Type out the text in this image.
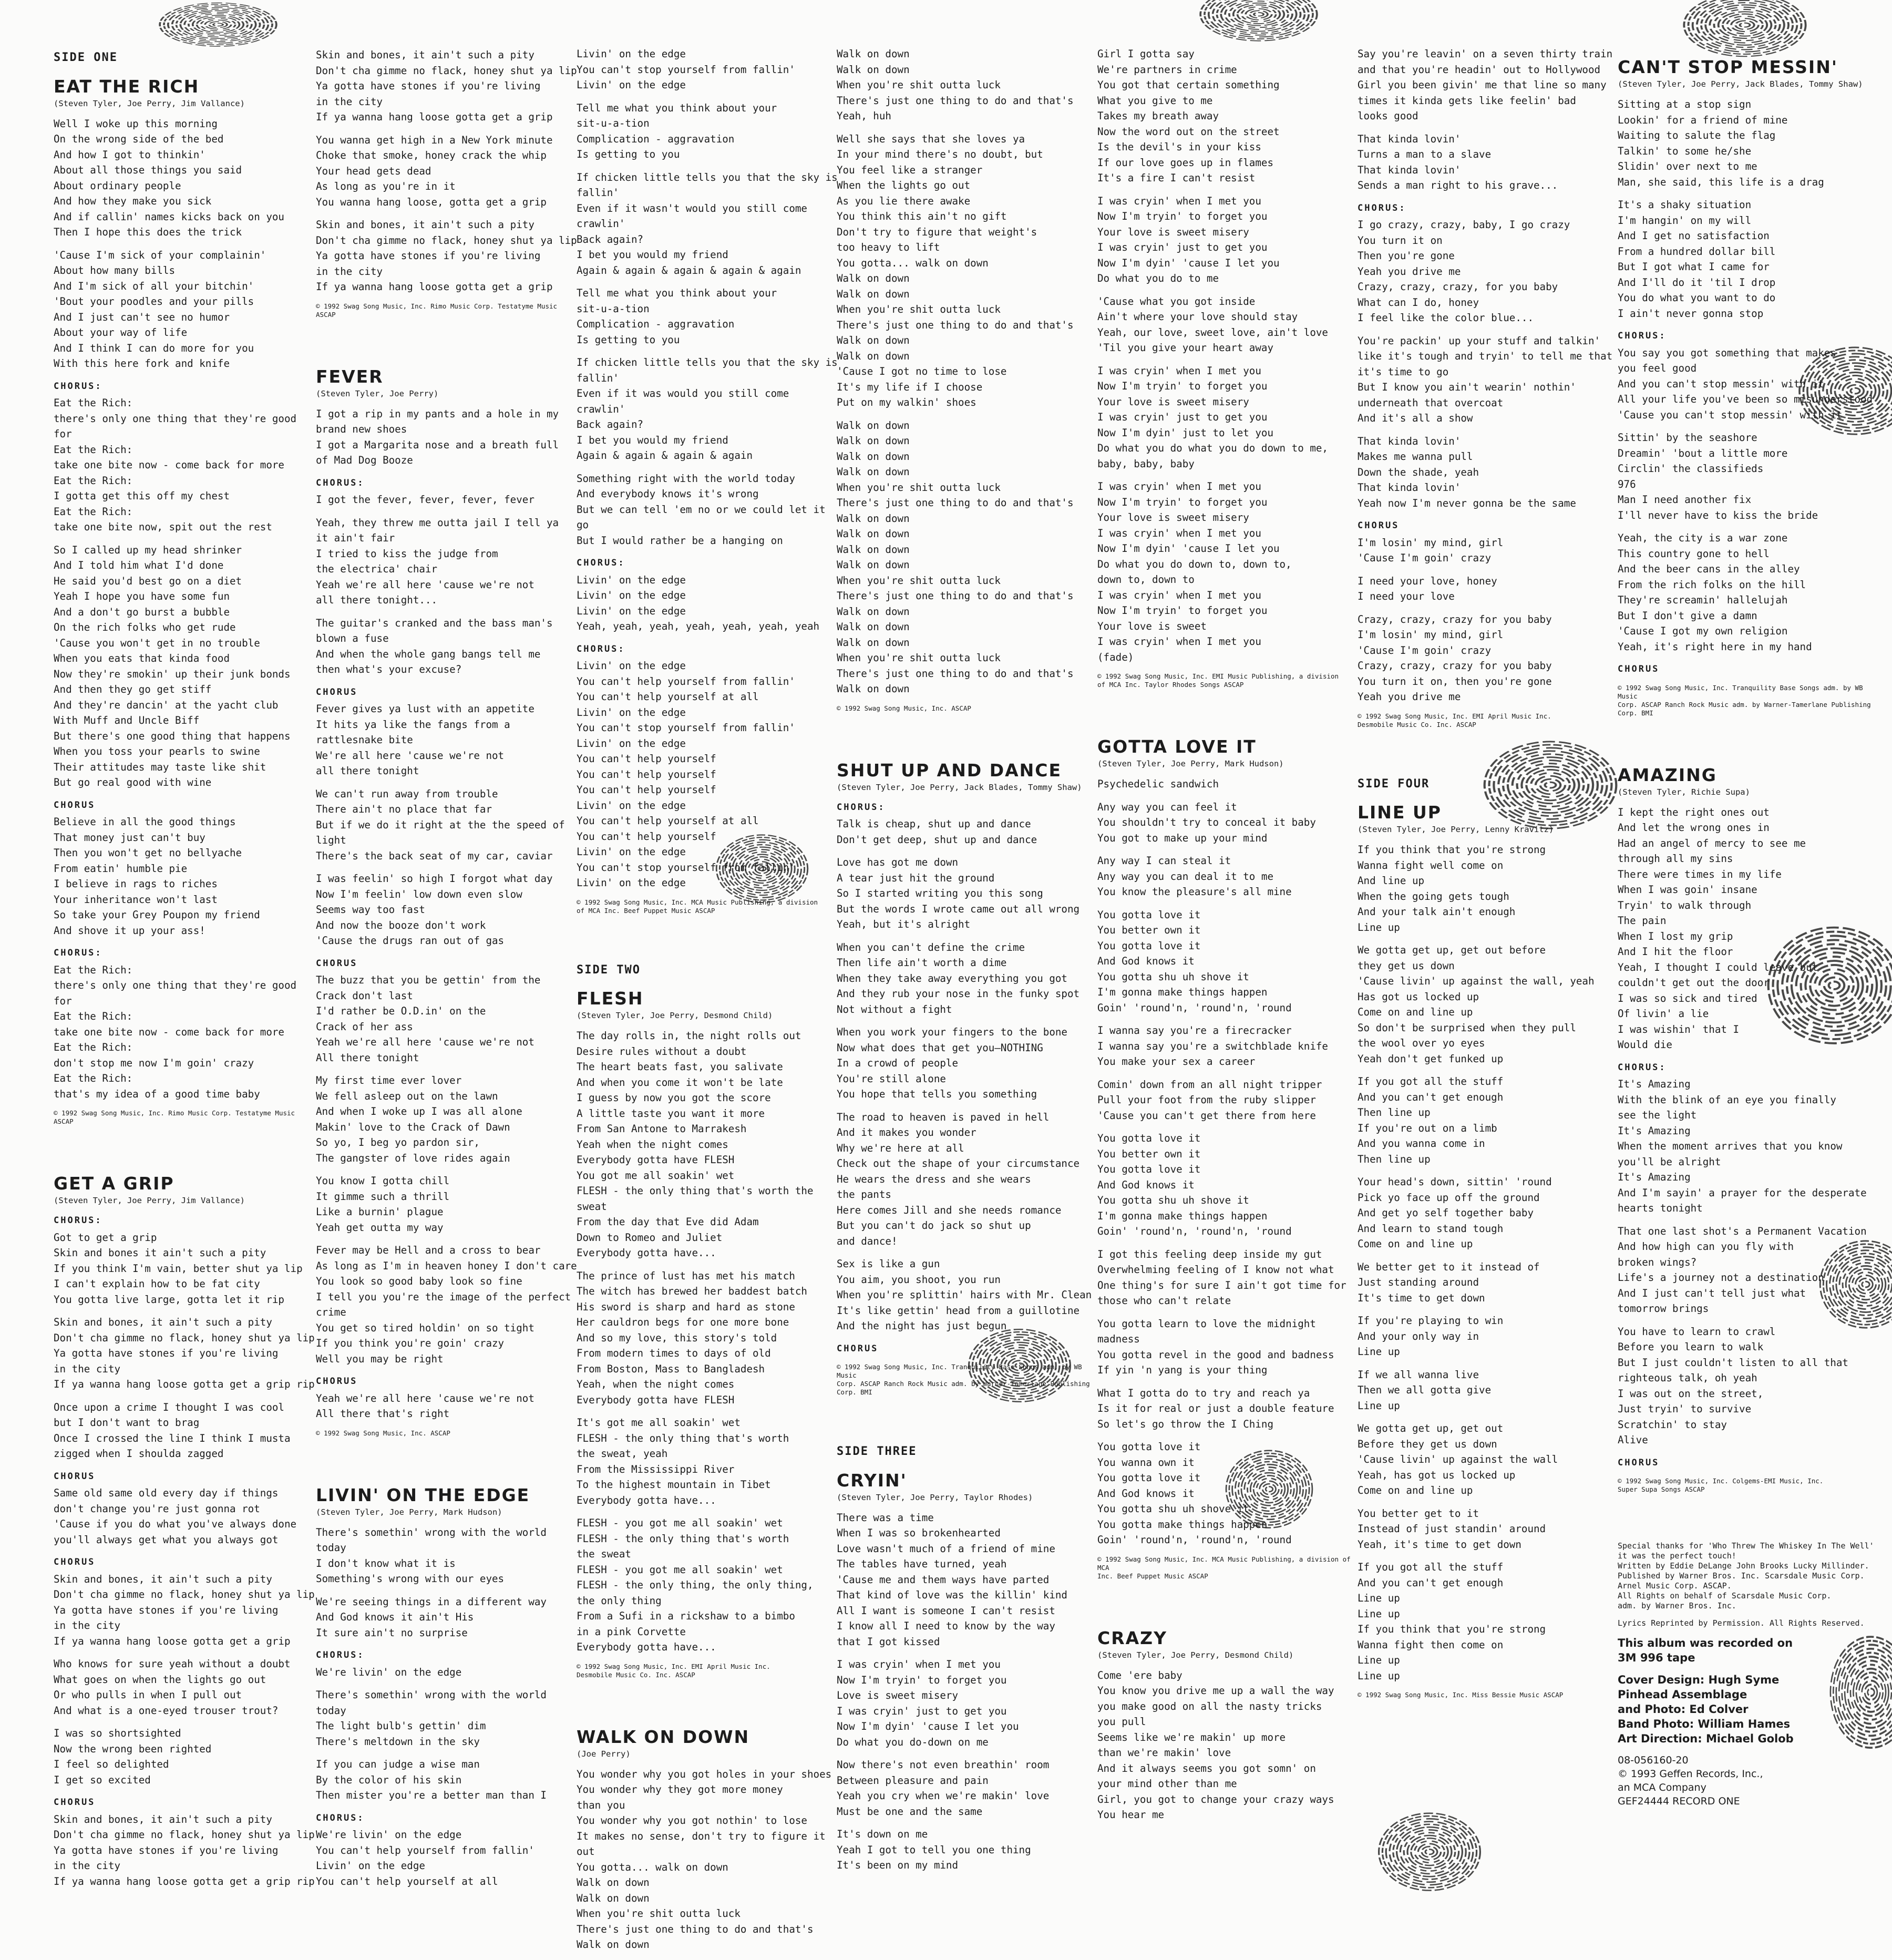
SIDE ONE
EAT THE RICH
(Steven Tyler, Joe Perry, Jim Vallance)

Well I woke up this morning
On the wrong side of the bed
And how I got to thinkin'
About all those things you said
About ordinary people
And how they make you sick
And if callin' names kicks back on you
Then I hope this does the trick

'Cause I'm sick of your complainin'
About how many bills
And I'm sick of all your bitchin'
'Bout your poodles and your pills
And I just can't see no humor
About your way of life
And I think I can do more for you
With this here fork and knife

CHORUS:

Eat the Rich:
there's only one thing that they're good for
Eat the Rich:
take one bite now - come back for more
Eat the Rich:
I gotta get this off my chest
Eat the Rich:
take one bite now, spit out the rest

So I called up my head shrinker
And I told him what I'd done
He said you'd best go on a diet
Yeah I hope you have some fun
And a don't go burst a bubble
On the rich folks who get rude
'Cause you won't get in no trouble
When you eats that kinda food
Now they're smokin' up their junk bonds
And then they go get stiff
And they're dancin' at the yacht club
With Muff and Uncle Biff
But there's one good thing that happens
When you toss your pearls to swine
Their attitudes may taste like shit
But go real good with wine

CHORUS

Believe in all the good things
That money just can't buy
Then you won't get no bellyache
From eatin' humble pie
I believe in rags to riches
Your inheritance won't last
So take your Grey Poupon my friend
And shove it up your ass!

CHORUS:

Eat the Rich:
there's only one thing that they're good for
Eat the Rich:
take one bite now - come back for more
Eat the Rich:
don't stop me now I'm goin' crazy
Eat the Rich:
that's my idea of a good time baby

© 1992 Swag Song Music, Inc. Rimo Music Corp. Testatyme Music ASCAP
GET A GRIP
(Steven Tyler, Joe Perry, Jim Vallance)
CHORUS:

Got to get a grip
Skin and bones it ain't such a pity
If you think I'm vain, better shut ya lip
I can't explain how to be fat city
You gotta live large, gotta let it rip

Skin and bones, it ain't such a pity
Don't cha gimme no flack, honey shut ya lip
Ya gotta have stones if you're living
in the city
If ya wanna hang loose gotta get a grip rip

Once upon a crime I thought I was cool
but I don't want to brag
Once I crossed the line I think I musta
zigged when I shoulda zagged

CHORUS

Same old same old every day if things
don't change you're just gonna rot
'Cause if you do what you've always done
you'll always get what you always got

CHORUS

Skin and bones, it ain't such a pity
Don't cha gimme no flack, honey shut ya lip
Ya gotta have stones if you're living
in the city
If ya wanna hang loose gotta get a grip

Who knows for sure yeah without a doubt
What goes on when the lights go out
Or who pulls in when I pull out
And what is a one-eyed trouser trout?

I was so shortsighted
Now the wrong been righted
I feel so delighted
I get so excited

CHORUS

Skin and bones, it ain't such a pity
Don't cha gimme no flack, honey shut ya lip
Ya gotta have stones if you're living
in the city
If ya wanna hang loose gotta get a grip rip

Skin and bones, it ain't such a pity
Don't cha gimme no flack, honey shut ya lip
Ya gotta have stones if you're living
in the city
If ya wanna hang loose gotta get a grip

You wanna get high in a New York minute
Choke that smoke, honey crack the whip
Your head gets dead
As long as you're in it
You wanna hang loose, gotta get a grip

Skin and bones, it ain't such a pity
Don't cha gimme no flack, honey shut ya lip
Ya gotta have stones if you're living
in the city
If ya wanna hang loose gotta get a grip

© 1992 Swag Song Music, Inc. Rimo Music Corp. Testatyme Music ASCAP
FEVER
(Steven Tyler, Joe Perry)

I got a rip in my pants and a hole in my
brand new shoes
I got a Margarita nose and a breath full
of Mad Dog Booze

CHORUS:

I got the fever, fever, fever, fever

Yeah, they threw me outta jail I tell ya
it ain't fair
I tried to kiss the judge from
the electrica' chair
Yeah we're all here 'cause we're not
all there tonight...

The guitar's cranked and the bass man's
blown a fuse
And when the whole gang bangs tell me
then what's your excuse?

CHORUS

Fever gives ya lust with an appetite
It hits ya like the fangs from a
rattlesnake bite
We're all here 'cause we're not
all there tonight

We can't run away from trouble
There ain't no place that far
But if we do it right at the the speed of light
There's the back seat of my car, caviar

I was feelin' so high I forgot what day
Now I'm feelin' low down even slow
Seems way too fast
And now the booze don't work
'Cause the drugs ran out of gas

CHORUS

The buzz that you be gettin' from the
Crack don't last
I'd rather be O.D.in' on the
Crack of her ass
Yeah we're all here 'cause we're not
All there tonight

My first time ever lover
We fell asleep out on the lawn
And when I woke up I was all alone
Makin' love to the Crack of Dawn
So yo, I beg yo pardon sir,
The gangster of love rides again

You know I gotta chill
It gimme such a thrill
Like a burnin' plague
Yeah get outta my way

Fever may be Hell and a cross to bear
As long as I'm in heaven honey I don't care
You look so good baby look so fine
I tell you you're the image of the perfect crime
You get so tired holdin' on so tight
If you think you're goin' crazy
Well you may be right

CHORUS

Yeah we're all here 'cause we're not
All there that's right

© 1992 Swag Song Music, Inc. ASCAP
LIVIN' ON THE EDGE
(Steven Tyler, Joe Perry, Mark Hudson)

There's somethin' wrong with the world today
I don't know what it is
Something's wrong with our eyes

We're seeing things in a different way
And God knows it ain't His
It sure ain't no surprise

CHORUS:

We're livin' on the edge

There's somethin' wrong with the world today
The light bulb's gettin' dim
There's meltdown in the sky

If you can judge a wise man
By the color of his skin
Then mister you're a better man than I

CHORUS:

We're livin' on the edge
You can't help yourself from fallin'
Livin' on the edge
You can't help yourself at all

Livin' on the edge
You can't stop yourself from fallin'
Livin' on the edge

Tell me what you think about your
sit-u-a-tion
Complication - aggravation
Is getting to you

If chicken little tells you that the sky is fallin'
Even if it wasn't would you still come crawlin'
Back again?
I bet you would my friend
Again & again & again & again & again

Tell me what you think about your
sit-u-a-tion
Complication - aggravation
Is getting to you

If chicken little tells you that the sky is fallin'
Even if it was would you still come crawlin'
Back again?
I bet you would my friend
Again & again & again & again

Something right with the world today
And everybody knows it's wrong
But we can tell 'em no or we could let it go
But I would rather be a hanging on

CHORUS:

Livin' on the edge
Livin' on the edge
Livin' on the edge
Yeah, yeah, yeah, yeah, yeah, yeah, yeah

CHORUS:

Livin' on the edge
You can't help yourself from fallin'
You can't help yourself at all
Livin' on the edge
You can't stop yourself from fallin'
Livin' on the edge
You can't help yourself
You can't help yourself
You can't help yourself
Livin' on the edge
You can't help yourself at all
You can't help yourself
Livin' on the edge
You can't stop yourself from fallin'
Livin' on the edge

© 1992 Swag Song Music, Inc. MCA Music Publishing, a division
of MCA Inc. Beef Puppet Music ASCAP
SIDE TWO
FLESH
(Steven Tyler, Joe Perry, Desmond Child)

The day rolls in, the night rolls out
Desire rules without a doubt
The heart beats fast, you salivate
And when you come it won't be late
I guess by now you got the score
A little taste you want it more
From San Antone to Marrakesh
Yeah when the night comes
Everybody gotta have FLESH
You got me all soakin' wet
FLESH - the only thing that's worth the sweat
From the day that Eve did Adam
Down to Romeo and Juliet
Everybody gotta have...

The prince of lust has met his match
The witch has brewed her baddest batch
His sword is sharp and hard as stone
Her cauldron begs for one more bone
And so my love, this story's told
From modern times to days of old
From Boston, Mass to Bangladesh
Yeah, when the night comes
Everybody gotta have FLESH

It's got me all soakin' wet
FLESH - the only thing that's worth
the sweat, yeah
From the Mississippi River
To the highest mountain in Tibet
Everybody gotta have...

FLESH - you got me all soakin' wet
FLESH - the only thing that's worth
the sweat
FLESH - you got me all soakin' wet
FLESH - the only thing, the only thing,
the only thing
From a Sufi in a rickshaw to a bimbo
in a pink Corvette
Everybody gotta have...

© 1992 Swag Song Music, Inc. EMI April Music Inc.
Desmobile Music Co. Inc. ASCAP
WALK ON DOWN
(Joe Perry)

You wonder why you got holes in your shoes
You wonder why they got more money
than you
You wonder why you got nothin' to lose
It makes no sense, don't try to figure it out
You gotta... walk on down
Walk on down
Walk on down
When you're shit outta luck
There's just one thing to do and that's
Walk on down

Walk on down
Walk on down
When you're shit outta luck
There's just one thing to do and that's
Yeah, huh

Well she says that she loves ya
In your mind there's no doubt, but
You feel like a stranger
When the lights go out
As you lie there awake
You think this ain't no gift
Don't try to figure that weight's
too heavy to lift
You gotta... walk on down
Walk on down
Walk on down
When you're shit outta luck
There's just one thing to do and that's
Walk on down
Walk on down
'Cause I got no time to lose
It's my life if I choose
Put on my walkin' shoes

Walk on down
Walk on down
Walk on down
Walk on down
When you're shit outta luck
There's just one thing to do and that's
Walk on down
Walk on down
Walk on down
Walk on down
When you're shit outta luck
There's just one thing to do and that's
Walk on down
Walk on down
Walk on down
When you're shit outta luck
There's just one thing to do and that's
Walk on down

© 1992 Swag Song Music, Inc. ASCAP
SHUT UP AND DANCE
(Steven Tyler, Joe Perry, Jack Blades, Tommy Shaw)
CHORUS:

Talk is cheap, shut up and dance
Don't get deep, shut up and dance

Love has got me down
A tear just hit the ground
So I started writing you this song
But the words I wrote came out all wrong
Yeah, but it's alright

When you can't define the crime
Then life ain't worth a dime
When they take away everything you got
And they rub your nose in the funky spot
Not without a fight

When you work your fingers to the bone
Now what does that get you—NOTHING
In a crowd of people
You're still alone
You hope that tells you something

The road to heaven is paved in hell
And it makes you wonder
Why we're here at all
Check out the shape of your circumstance
He wears the dress and she wears
the pants
Here comes Jill and she needs romance
But you can't do jack so shut up
and dance!

Sex is like a gun
You aim, you shoot, you run
When you're splittin' hairs with Mr. Clean
It's like gettin' head from a guillotine
And the night has just begun

CHORUS
© 1992 Swag Song Music, Inc. Tranquility Base Songs adm. by WB Music
Corp. ASCAP Ranch Rock Music adm. by Warner-Tamerlane Publishing
Corp. BMI
SIDE THREE
CRYIN'
(Steven Tyler, Joe Perry, Taylor Rhodes)

There was a time
When I was so brokenhearted
Love wasn't much of a friend of mine
The tables have turned, yeah
'Cause me and them ways have parted
That kind of love was the killin' kind
All I want is someone I can't resist
I know all I need to know by the way
that I got kissed

I was cryin' when I met you
Now I'm tryin' to forget you
Love is sweet misery
I was cryin' just to get you
Now I'm dyin' 'cause I let you
Do what you do-down on me

Now there's not even breathin' room
Between pleasure and pain
Yeah you cry when we're makin' love
Must be one and the same

It's down on me
Yeah I got to tell you one thing
It's been on my mind

Girl I gotta say
We're partners in crime
You got that certain something
What you give to me
Takes my breath away
Now the word out on the street
Is the devil's in your kiss
If our love goes up in flames
It's a fire I can't resist

I was cryin' when I met you
Now I'm tryin' to forget you
Your love is sweet misery
I was cryin' just to get you
Now I'm dyin' 'cause I let you
Do what you do to me

'Cause what you got inside
Ain't where your love should stay
Yeah, our love, sweet love, ain't love
'Til you give your heart away

I was cryin' when I met you
Now I'm tryin' to forget you
Your love is sweet misery
I was cryin' just to get you
Now I'm dyin' just to let you
Do what you do what you do down to me,
baby, baby, baby

I was cryin' when I met you
Now I'm tryin' to forget you
Your love is sweet misery
I was cryin' when I met you
Now I'm dyin' 'cause I let you
Do what you do down to, down to,
down to, down to
I was cryin' when I met you
Now I'm tryin' to forget you
Your love is sweet
I was cryin' when I met you
(fade)

© 1992 Swag Song Music, Inc. EMI Music Publishing, a division
of MCA Inc. Taylor Rhodes Songs ASCAP
GOTTA LOVE IT
(Steven Tyler, Joe Perry, Mark Hudson)

Psychedelic sandwich

Any way you can feel it
You shouldn't try to conceal it baby
You got to make up your mind

Any way I can steal it
Any way you can deal it to me
You know the pleasure's all mine

You gotta love it
You better own it
You gotta love it
And God knows it
You gotta shu uh shove it
I'm gonna make things happen
Goin' 'round'n, 'round'n, 'round

I wanna say you're a firecracker
I wanna say you're a switchblade knife
You make your sex a career

Comin' down from an all night tripper
Pull your foot from the ruby slipper
'Cause you can't get there from here

You gotta love it
You better own it
You gotta love it
And God knows it
You gotta shu uh shove it
I'm gonna make things happen
Goin' 'round'n, 'round'n, 'round

I got this feeling deep inside my gut
Overwhelming feeling of I know not what
One thing's for sure I ain't got time for
those who can't relate

You gotta learn to love the midnight madness
You gotta revel in the good and badness
If yin 'n yang is your thing

What I gotta do to try and reach ya
Is it for real or just a double feature
So let's go throw the I Ching

You gotta love it
You wanna own it
You gotta love it
And God knows it
You gotta shu uh shove it
You gotta make things happen
Goin' 'round'n, 'round'n, 'round

© 1992 Swag Song Music, Inc. MCA Music Publishing, a division of MCA
Inc. Beef Puppet Music ASCAP
CRAZY
(Steven Tyler, Joe Perry, Desmond Child)

Come 'ere baby
You know you drive me up a wall the way
you make good on all the nasty tricks
you pull
Seems like we're makin' up more
than we're makin' love
And it always seems you got somn' on
your mind other than me
Girl, you got to change your crazy ways
You hear me

Say you're leavin' on a seven thirty train
and that you're headin' out to Hollywood
Girl you been givin' me that line so many
times it kinda gets like feelin' bad
looks good

That kinda lovin'
Turns a man to a slave
That kinda lovin'
Sends a man right to his grave...

CHORUS:

I go crazy, crazy, baby, I go crazy
You turn it on
Then you're gone
Yeah you drive me
Crazy, crazy, crazy, for you baby
What can I do, honey
I feel like the color blue...

You're packin' up your stuff and talkin'
like it's tough and tryin' to tell me that
it's time to go
But I know you ain't wearin' nothin'
underneath that overcoat
And it's all a show

That kinda lovin'
Makes me wanna pull
Down the shade, yeah
That kinda lovin'
Yeah now I'm never gonna be the same

CHORUS

I'm losin' my mind, girl
'Cause I'm goin' crazy

I need your love, honey
I need your love

Crazy, crazy, crazy for you baby
I'm losin' my mind, girl
'Cause I'm goin' crazy
Crazy, crazy, crazy for you baby
You turn it on, then you're gone
Yeah you drive me

© 1992 Swag Song Music, Inc. EMI April Music Inc.
Desmobile Music Co. Inc. ASCAP
SIDE FOUR
LINE UP
(Steven Tyler, Joe Perry, Lenny Kravitz)

If you think that you're strong
Wanna fight well come on
And line up
When the going gets tough
And your talk ain't enough
Line up

We gotta get up, get out before
they get us down
'Cause livin' up against the wall, yeah
Has got us locked up
Come on and line up
So don't be surprised when they pull
the wool over yo eyes
Yeah don't get funked up

If you got all the stuff
And you can't get enough
Then line up
If you're out on a limb
And you wanna come in
Then line up

Your head's down, sittin' 'round
Pick yo face up off the ground
And get yo self together baby
And learn to stand tough
Come on and line up

We better get to it instead of
Just standing around
It's time to get down

If you're playing to win
And your only way in
Line up

If we all wanna live
Then we all gotta give
Line up

We gotta get up, get out
Before they get us down
'Cause livin' up against the wall
Yeah, has got us locked up
Come on and line up

You better get to it
Instead of just standin' around
Yeah, it's time to get down

If you got all the stuff
And you can't get enough
Line up
Line up
If you think that you're strong
Wanna fight then come on
Line up
Line up

© 1992 Swag Song Music, Inc. Miss Bessie Music ASCAP
CAN'T STOP MESSIN'
(Steven Tyler, Joe Perry, Jack Blades, Tommy Shaw)

Sitting at a stop sign
Lookin' for a friend of mine
Waiting to salute the flag
Talkin' to some he/she
Slidin' over next to me
Man, she said, this life is a drag

It's a shaky situation
I'm hangin' on my will
And I get no satisfaction
From a hundred dollar bill
But I got what I came for
And I'll do it 'til I drop
You do what you want to do
I ain't never gonna stop

CHORUS:

You say you got something that makes
you feel good
And you can't stop messin' with it
All your life you've been so misunderstood
'Cause you can't stop messin' with it

Sittin' by the seashore
Dreamin' 'bout a little more
Circlin' the classifieds
976
Man I need another fix
I'll never have to kiss the bride

Yeah, the city is a war zone
This country gone to hell
And the beer cans in the alley
From the rich folks on the hill
They're screamin' hallelujah
But I don't give a damn
'Cause I got my own religion
Yeah, it's right here in my hand

CHORUS
© 1992 Swag Song Music, Inc. Tranquility Base Songs adm. by WB Music
Corp. ASCAP Ranch Rock Music adm. by Warner-Tamerlane Publishing
Corp. BMI
AMAZING
(Steven Tyler, Richie Supa)

I kept the right ones out
And let the wrong ones in
Had an angel of mercy to see me
through all my sins
There were times in my life
When I was goin' insane
Tryin' to walk through
The pain
When I lost my grip
And I hit the floor
Yeah, I thought I could leave but
couldn't get out the door
I was so sick and tired
Of livin' a lie
I was wishin' that I
Would die

CHORUS:

It's Amazing
With the blink of an eye you finally
see the light
It's Amazing
When the moment arrives that you know
you'll be alright
It's Amazing
And I'm sayin' a prayer for the desperate
hearts tonight

That one last shot's a Permanent Vacation
And how high can you fly with
broken wings?
Life's a journey not a destination
And I just can't tell just what
tomorrow brings

You have to learn to crawl
Before you learn to walk
But I just couldn't listen to all that
righteous talk, oh yeah
I was out on the street,
Just tryin' to survive
Scratchin' to stay
Alive

CHORUS
© 1992 Swag Song Music, Inc. Colgems-EMI Music, Inc.
Super Supa Songs ASCAP
Special thanks for 'Who Threw The Whiskey In The Well'
it was the perfect touch!
Written by Eddie DeLange John Brooks Lucky Millinder.
Published by Warner Bros. Inc. Scarsdale Music Corp.
Arnel Music Corp. ASCAP.
All Rights on behalf of Scarsdale Music Corp.
adm. by Warner Bros. Inc.
Lyrics Reprinted by Permission. All Rights Reserved.
This album was recorded on
3M 996 tape
Cover Design: Hugh Syme
Pinhead Assemblage
and Photo: Ed Colver
Band Photo: William Hames
Art Direction: Michael Golob
08-056160-20
© 1993 Geffen Records, Inc.,
an MCA Company
GEF24444 RECORD ONE
